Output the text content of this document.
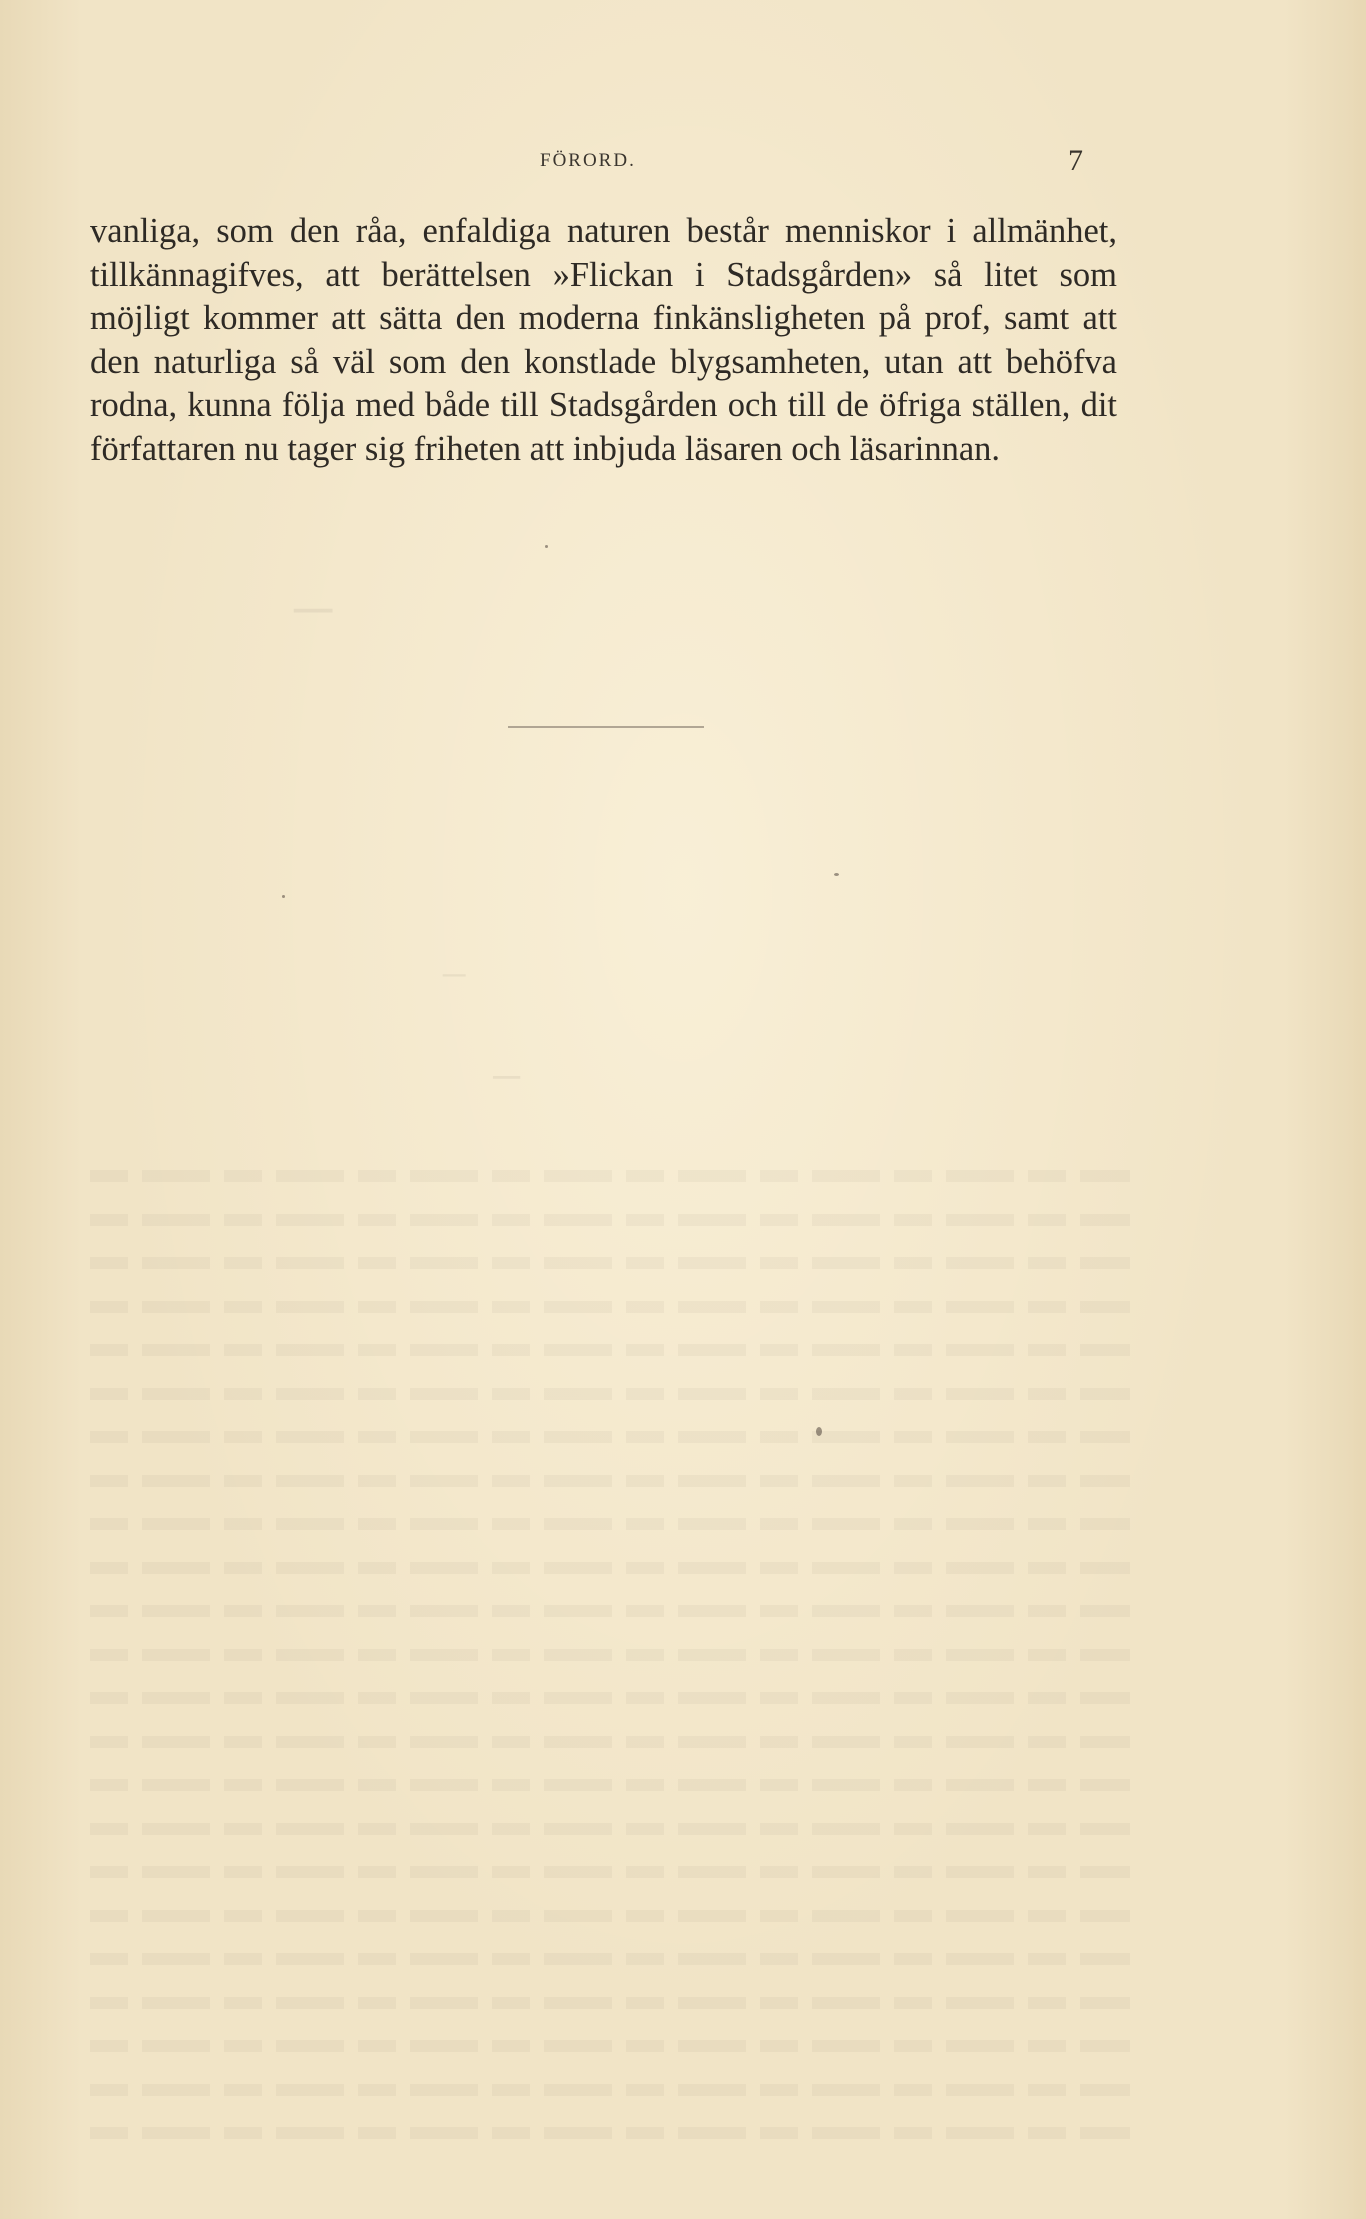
─
─
─
FÖRORD.	7

vanliga, som den råa, enfaldiga naturen består menniskor i allmänhet, tillkännagifves, att berättelsen »Flickan i Stadsgården» så litet som möjligt kommer att sätta den moderna finkänsligheten på prof, samt att den naturliga så väl som den konstlade blygsamheten, utan att behöfva rodna, kunna följa med både till Stadsgården och till de öfriga ställen, dit författaren nu tager sig friheten att inbjuda läsaren och läsarinnan.
